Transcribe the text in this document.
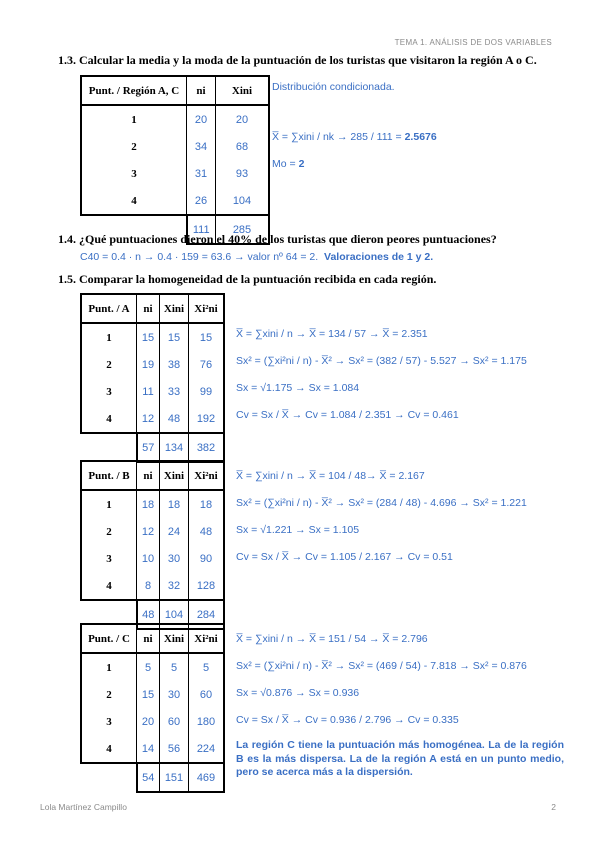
TEMA 1. ANÁLISIS DE DOS VARIABLES
1.3. Calcular la media y la moda de la puntuación de los turistas que visitaron la región A o C.
Punt. / Región A, C	ni	Xini
1	20	20
2	34	68
3	31	93
4	26	104
	111	285
Distribución condicionada.
X̅ = ∑xini / nk → 285 / 111 = 2.5676
Mo = 2
1.4. ¿Qué puntuaciones dieron el 40% de los turistas que dieron peores puntuaciones?
C40 = 0.4 · n → 0.4 · 159 = 63.6 → valor nº 64 = 2. Valoraciones de 1 y 2.
1.5. Comparar la homogeneidad de la puntuación recibida en cada región.
Punt. / A	ni	Xini	Xi²ni
1	15	15	15
2	19	38	76
3	11	33	99
4	12	48	192
	57	134	382
X̅ = ∑xini / n → X̅ = 134 / 57 → X̅ = 2.351
Sx² = (∑xi²ni / n) - X̅² → Sx² = (382 / 57) - 5.527 → Sx² = 1.175
Sx = √1.175 → Sx = 1.084
Cv = Sx / X̅ → Cv = 1.084 / 2.351 → Cv = 0.461
Punt. / B	ni	Xini	Xi²ni
1	18	18	18
2	12	24	48
3	10	30	90
4	8	32	128
	48	104	284
X̅ = ∑xini / n → X̅ = 104 / 48→ X̅ = 2.167
Sx² = (∑xi²ni / n) - X̅² → Sx² = (284 / 48) - 4.696 → Sx² = 1.221
Sx = √1.221 → Sx = 1.105
Cv = Sx / X̅ → Cv = 1.105 / 2.167 → Cv = 0.51
Punt. / C	ni	Xini	Xi²ni
1	5	5	5
2	15	30	60
3	20	60	180
4	14	56	224
	54	151	469
X̅ = ∑xini / n → X̅ = 151 / 54 → X̅ = 2.796
Sx² = (∑xi²ni / n) - X̅² → Sx² = (469 / 54) - 7.818 → Sx² = 0.876
Sx = √0.876 → Sx = 0.936
Cv = Sx / X̅ → Cv = 0.936 / 2.796 → Cv = 0.335
La región C tiene la puntuación más homogénea. La de la región B es la más dispersa. La de la región A está en un punto medio, pero se acerca más a la dispersión.
Lola Martínez Campillo	2
